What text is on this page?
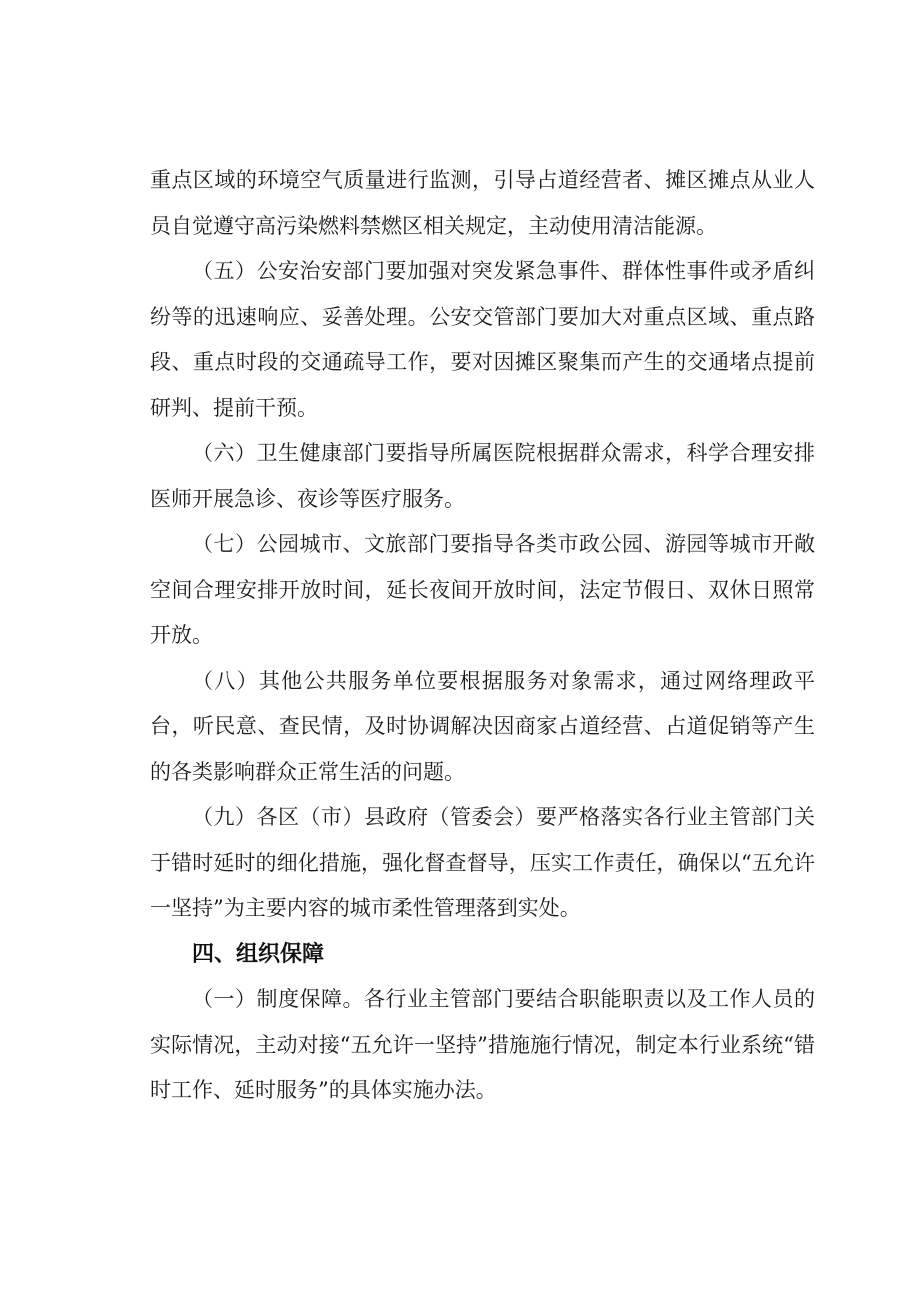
重点区域的环境空气质量进行监测，引导占道经营者、摊区摊点从业人员自觉遵守高污染燃料禁燃区相关规定，主动使用清洁能源。

（五）公安治安部门要加强对突发紧急事件、群体性事件或矛盾纠纷等的迅速响应、妥善处理。公安交管部门要加大对重点区域、重点路段、重点时段的交通疏导工作，要对因摊区聚集而产生的交通堵点提前研判、提前干预。

（六）卫生健康部门要指导所属医院根据群众需求，科学合理安排医师开展急诊、夜诊等医疗服务。

（七）公园城市、文旅部门要指导各类市政公园、游园等城市开敞空间合理安排开放时间，延长夜间开放时间，法定节假日、双休日照常开放。

（八）其他公共服务单位要根据服务对象需求，通过网络理政平台，听民意、查民情，及时协调解决因商家占道经营、占道促销等产生的各类影响群众正常生活的问题。

（九）各区（市）县政府（管委会）要严格落实各行业主管部门关于错时延时的细化措施，强化督查督导，压实工作责任，确保以“五允许一坚持”为主要内容的城市柔性管理落到实处。

四、组织保障

（一）制度保障。各行业主管部门要结合职能职责以及工作人员的实际情况，主动对接“五允许一坚持”措施施行情况，制定本行业系统“错时工作、延时服务”的具体实施办法。
